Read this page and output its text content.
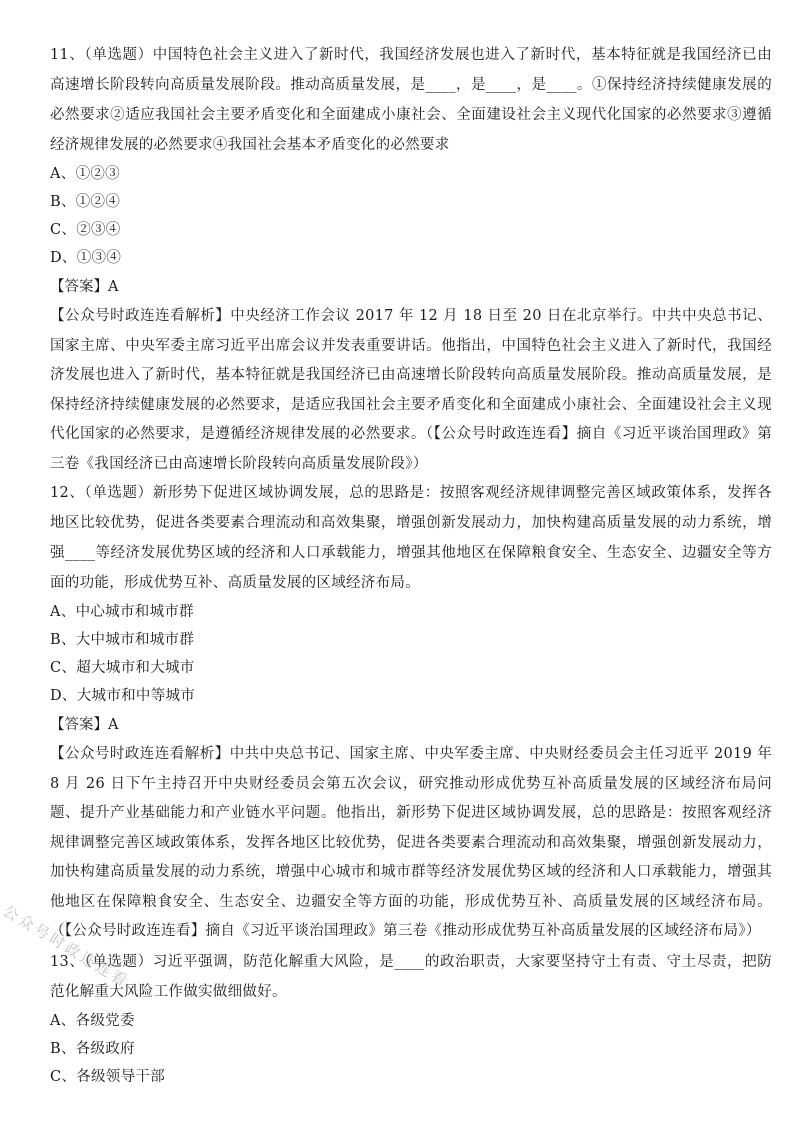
11、（单选题）中国特色社会主义进入了新时代，我国经济发展也进入了新时代，基本特征就是我国经济已由高速增长阶段转向高质量发展阶段。推动高质量发展，是____，是____，是____。①保持经济持续健康发展的必然要求②适应我国社会主要矛盾变化和全面建成小康社会、全面建设社会主义现代化国家的必然要求③遵循经济规律发展的必然要求④我国社会基本矛盾变化的必然要求

A、①②③
B、①②④
C、②③④
D、①③④
【答案】A

【公众号时政连连看解析】中央经济工作会议 2017 年 12 月 18 日至 20 日在北京举行。中共中央总书记、国家主席、中央军委主席习近平出席会议并发表重要讲话。他指出，中国特色社会主义进入了新时代，我国经济发展也进入了新时代，基本特征就是我国经济已由高速增长阶段转向高质量发展阶段。推动高质量发展，是保持经济持续健康发展的必然要求，是适应我国社会主要矛盾变化和全面建成小康社会、全面建设社会主义现代化国家的必然要求，是遵循经济规律发展的必然要求。（【公众号时政连连看】摘自《习近平谈治国理政》第三卷《我国经济已由高速增长阶段转向高质量发展阶段》）

12、（单选题）新形势下促进区域协调发展，总的思路是：按照客观经济规律调整完善区域政策体系，发挥各地区比较优势，促进各类要素合理流动和高效集聚，增强创新发展动力，加快构建高质量发展的动力系统，增强____等经济发展优势区域的经济和人口承载能力，增强其他地区在保障粮食安全、生态安全、边疆安全等方面的功能，形成优势互补、高质量发展的区域经济布局。

A、中心城市和城市群
B、大中城市和城市群
C、超大城市和大城市
D、大城市和中等城市
【答案】A

【公众号时政连连看解析】中共中央总书记、国家主席、中央军委主席、中央财经委员会主任习近平 2019 年 8 月 26 日下午主持召开中央财经委员会第五次会议，研究推动形成优势互补高质量发展的区域经济布局问题、提升产业基础能力和产业链水平问题。他指出，新形势下促进区域协调发展，总的思路是：按照客观经济规律调整完善区域政策体系，发挥各地区比较优势，促进各类要素合理流动和高效集聚，增强创新发展动力，加快构建高质量发展的动力系统，增强中心城市和城市群等经济发展优势区域的经济和人口承载能力，增强其他地区在保障粮食安全、生态安全、边疆安全等方面的功能，形成优势互补、高质量发展的区域经济布局。（【公众号时政连连看】摘自《习近平谈治国理政》第三卷《推动形成优势互补高质量发展的区域经济布局》）

13、（单选题）习近平强调，防范化解重大风险，是____的政治职责，大家要坚持守土有责、守土尽责，把防范化解重大风险工作做实做细做好。

A、各级党委
B、各级政府
C、各级领导干部
公众号时政连连看
